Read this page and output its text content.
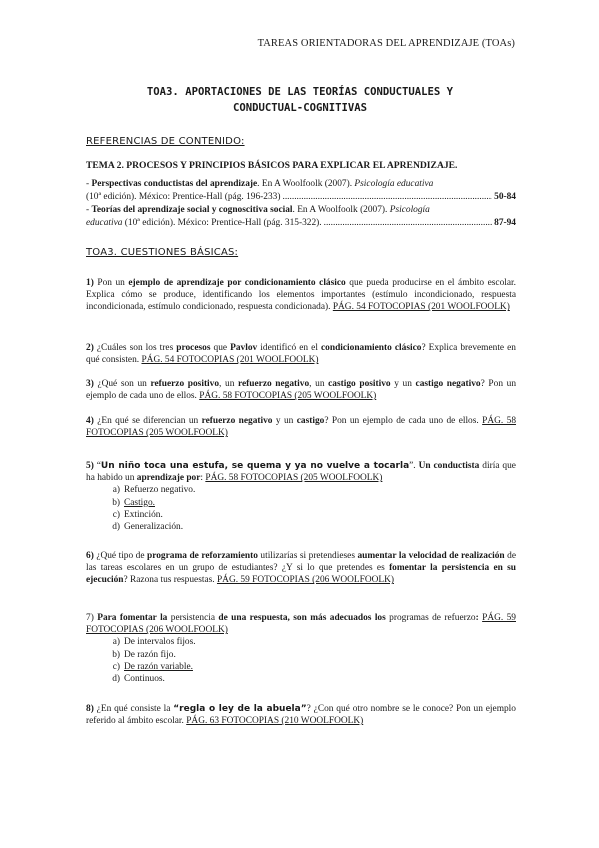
TAREAS ORIENTADORAS DEL APRENDIZAJE (TOAs)
TOA3. APORTACIONES DE LAS TEORÍAS CONDUCTUALES Y
CONDUCTUAL-COGNITIVAS
REFERENCIAS DE CONTENIDO:
TEMA 2. PROCESOS Y PRINCIPIOS BÁSICOS PARA EXPLICAR EL APRENDIZAJE.
- Perspectivas conductistas del aprendizaje. En A Woolfoolk (2007). Psicología educativa
(10ª edición). México: Prentice-Hall (pág. 196-233) .....	50-84
- Teorías del aprendizaje social y cognoscitiva social. En A Woolfoolk (2007). Psicología
educativa (10ª edición). México: Prentice-Hall (pág. 315-322). .....	87-94
TOA3. CUESTIONES BÁSICAS:
1) Pon un ejemplo de aprendizaje por condicionamiento clásico que pueda producirse en el ámbito escolar. Explica cómo se produce, identificando los elementos importantes (estímulo incondicionado, respuesta incondicionada, estímulo condicionado, respuesta condicionada). PÁG. 54 FOTOCOPIAS (201 WOOLFOOLK)
2) ¿Cuáles son los tres procesos que Pavlov identificó en el condicionamiento clásico? Explica brevemente en qué consisten. PÁG. 54 FOTOCOPIAS (201 WOOLFOOLK)
3) ¿Qué son un refuerzo positivo, un refuerzo negativo, un castigo positivo y un castigo negativo? Pon un ejemplo de cada uno de ellos. PÁG. 58 FOTOCOPIAS (205 WOOLFOOLK)
4) ¿En qué se diferencian un refuerzo negativo y un castigo? Pon un ejemplo de cada uno de ellos. PÁG. 58 FOTOCOPIAS (205 WOOLFOOLK)
5) “Un niño toca una estufa, se quema y ya no vuelve a tocarla”. Un conductista diría que ha habido un aprendizaje por: PÁG. 58 FOTOCOPIAS (205 WOOLFOOLK)
a) Refuerzo negativo.
b) Castigo.
c) Extinción.
d) Generalización.
6) ¿Qué tipo de programa de reforzamiento utilizarías si pretendieses aumentar la velocidad de realización de las tareas escolares en un grupo de estudiantes? ¿Y si lo que pretendes es fomentar la persistencia en su ejecución? Razona tus respuestas. PÁG. 59 FOTOCOPIAS (206 WOOLFOOLK)
7) Para fomentar la persistencia de una respuesta, son más adecuados los programas de refuerzo: PÁG. 59 FOTOCOPIAS (206 WOOLFOOLK)
a) De intervalos fijos.
b) De razón fijo.
c) De razón variable.
d) Continuos.
8) ¿En qué consiste la “regla o ley de la abuela”? ¿Con qué otro nombre se le conoce? Pon un ejemplo referido al ámbito escolar. PÁG. 63 FOTOCOPIAS (210 WOOLFOOLK)
